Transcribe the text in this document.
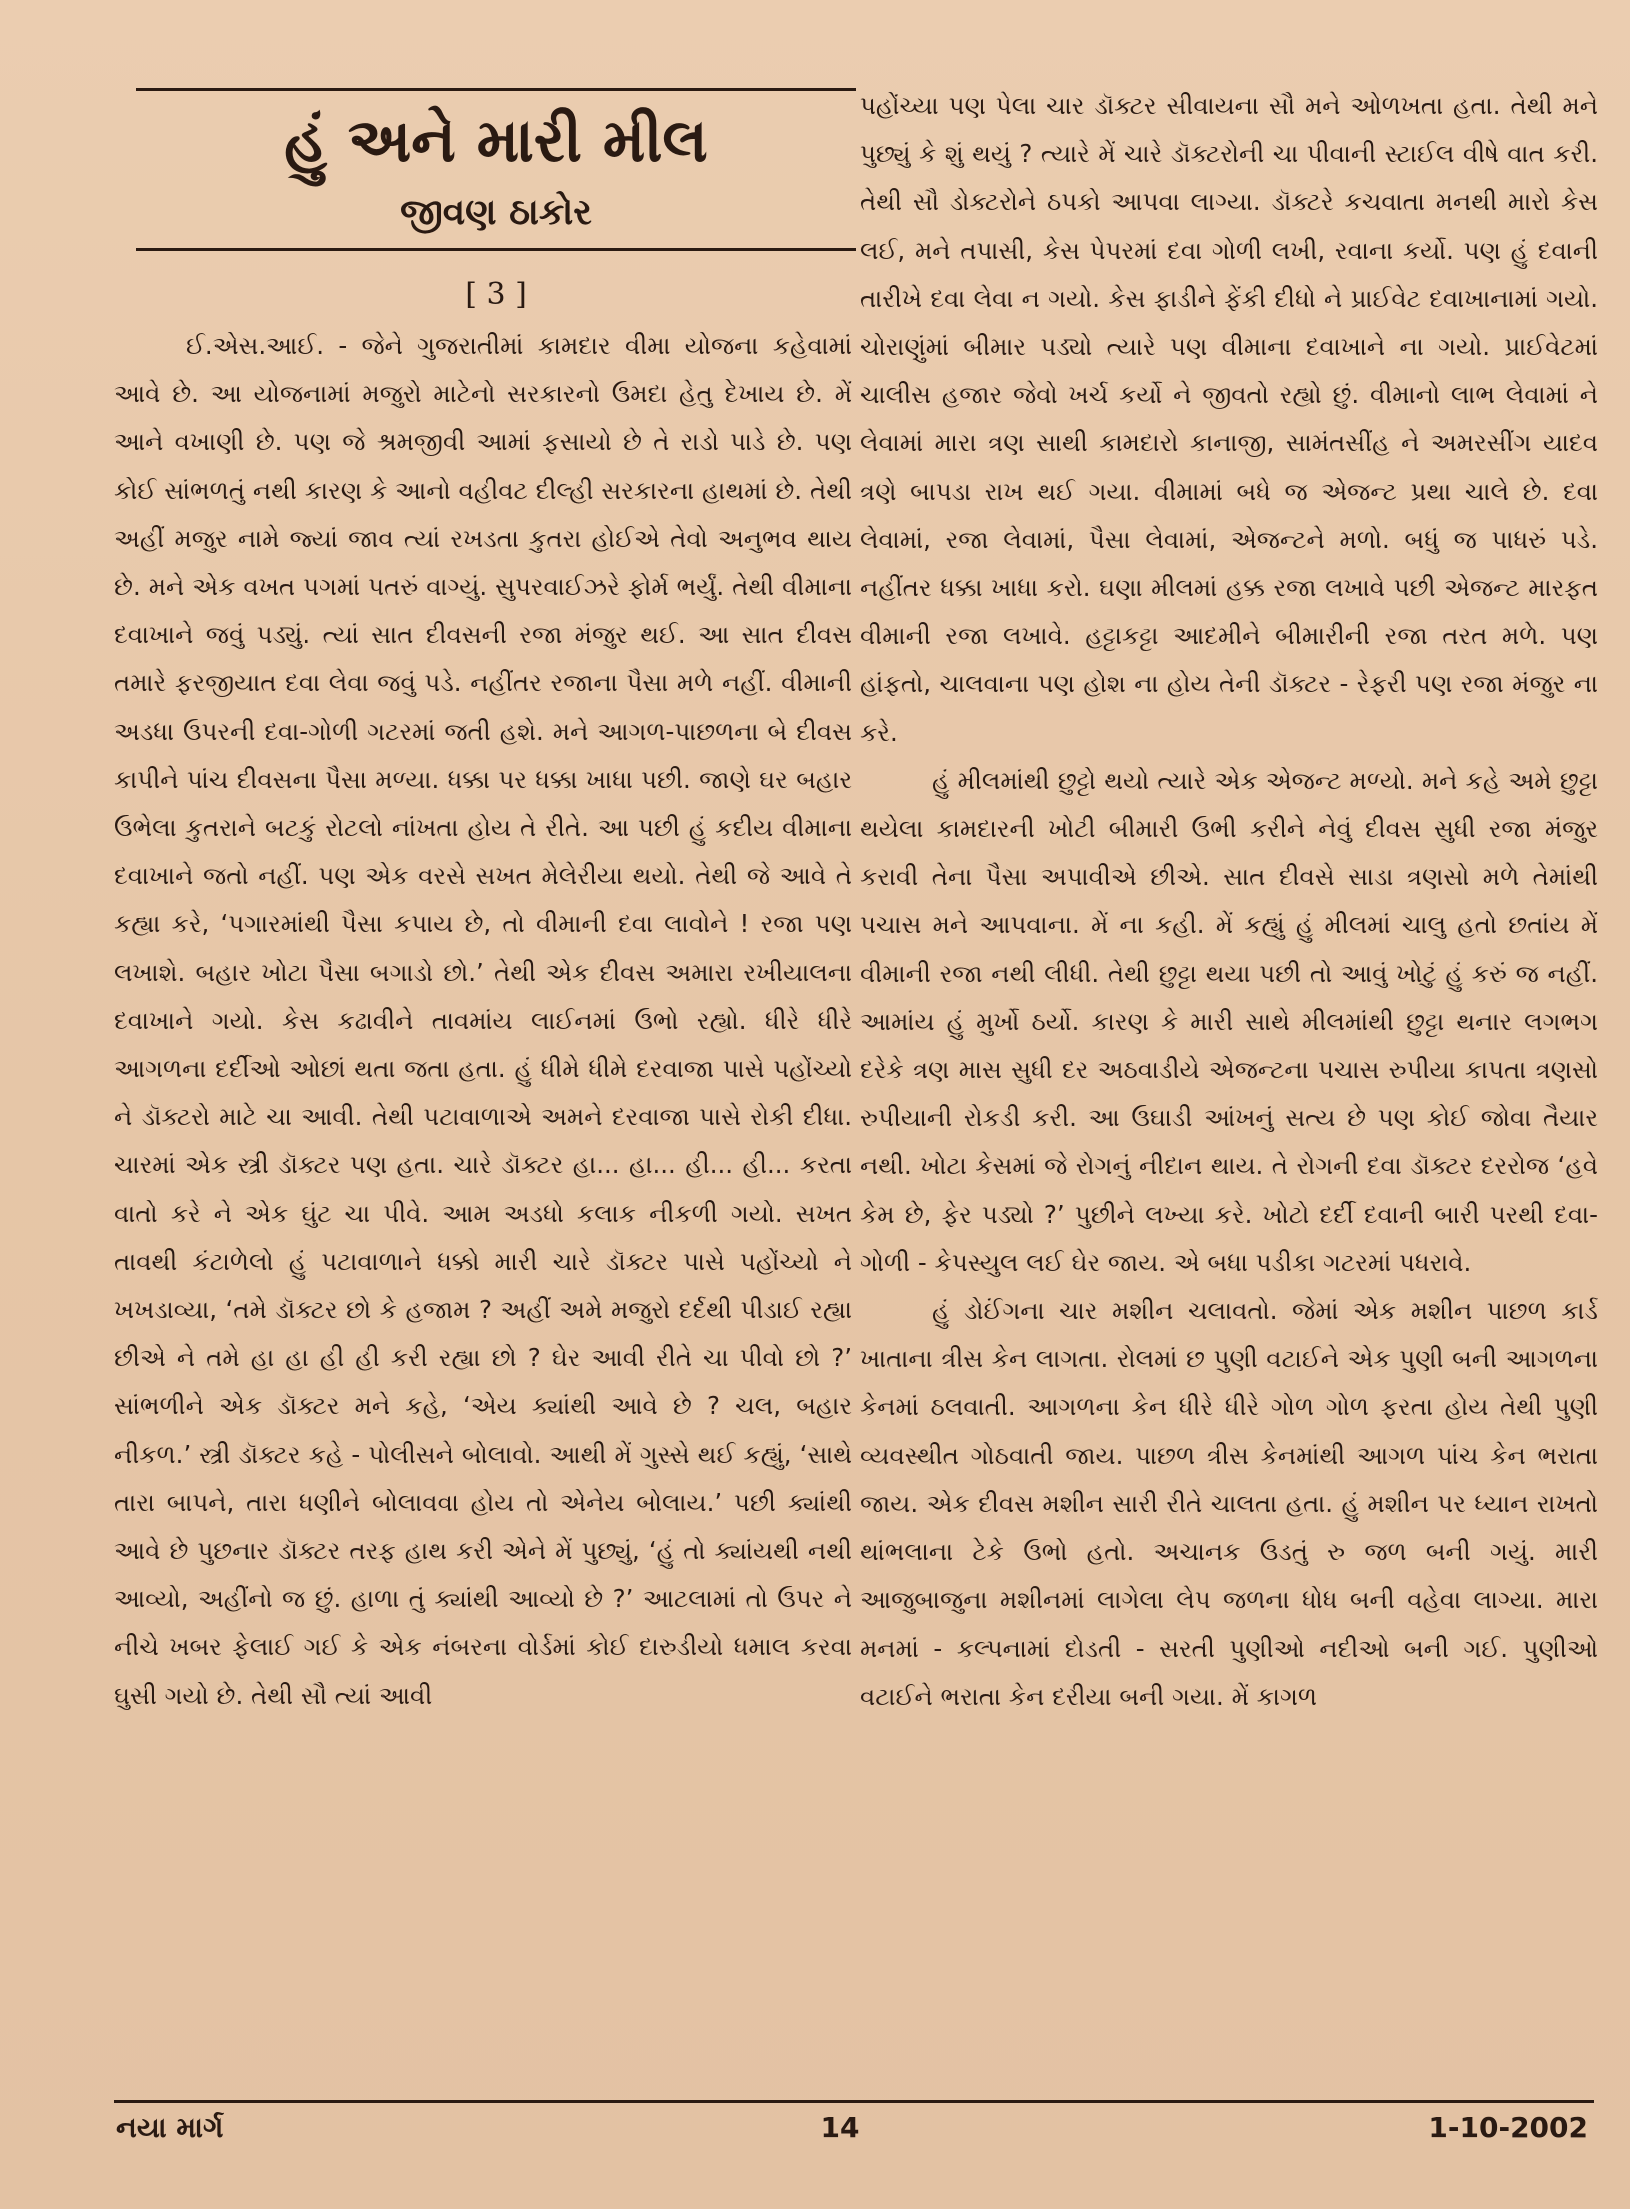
હું અને મારી મીલ
જીવણ ઠાકોર
[ 3 ]

ઈ.એસ.આઈ. - જેને ગુજરાતીમાં કામદાર વીમા યોજના કહેવામાં આવે છે. આ યોજનામાં મજુરો માટેનો સરકારનો ઉમદા હેતુ દેખાય છે. મેં આને વખાણી છે. પણ જે શ્રમજીવી આમાં ફસાયો છે તે રાડો પાડે છે. પણ કોઈ સાંભળતું નથી કારણ કે આનો વહીવટ દીલ્હી સરકારના હાથમાં છે. તેથી અહીં મજુર નામે જ્યાં જાવ ત્યાં રખડતા કુતરા હોઈએ તેવો અનુભવ થાય છે. મને એક વખત પગમાં પતરું વાગ્યું. સુપરવાઈઝરે ફોર્મ ભર્યું. તેથી વીમાના દવાખાને જવું પડ્યું. ત્યાં સાત દીવસની રજા મંજુર થઈ. આ સાત દીવસ તમારે ફરજીયાત દવા લેવા જવું પડે. નહીંતર રજાના પૈસા મળે નહીં. વીમાની અડધા ઉપરની દવા-ગોળી ગટરમાં જતી હશે. મને આગળ-પાછળના બે દીવસ કાપીને પાંચ દીવસના પૈસા મળ્યા. ધક્કા પર ધક્કા ખાધા પછી. જાણે ઘર બહાર ઉભેલા કુતરાને બટકું રોટલો નાંખતા હોય તે રીતે. આ પછી હું કદીય વીમાના દવાખાને જતો નહીં. પણ એક વરસે સખત મેલેરીયા થયો. તેથી જે આવે તે કહ્યા કરે, ‘પગારમાંથી પૈસા કપાય છે, તો વીમાની દવા લાવોને ! રજા પણ લખાશે. બહાર ખોટા પૈસા બગાડો છો.’ તેથી એક દીવસ અમારા રખીયાલના દવાખાને ગયો. કેસ કઢાવીને તાવમાંય લાઈનમાં ઉભો રહ્યો. ધીરે ધીરે આગળના દર્દીઓ ઓછાં થતા જતા હતા. હું ધીમે ધીમે દરવાજા પાસે પહોંચ્યો ને ડૉક્ટરો માટે ચા આવી. તેથી પટાવાળાએ અમને દરવાજા પાસે રોકી દીધા. ચારમાં એક સ્ત્રી ડૉક્ટર પણ હતા. ચારે ડૉક્ટર હા... હા... હી... હી... કરતા વાતો કરે ને એક ઘુંટ ચા પીવે. આમ અડધો કલાક નીકળી ગયો. સખત તાવથી કંટાળેલો હું પટાવાળાને ધક્કો મારી ચારે ડૉક્ટર પાસે પહોંચ્યો ને ખખડાવ્યા, ‘તમે ડૉક્ટર છો કે હજામ ? અહીં અમે મજુરો દર્દથી પીડાઈ રહ્યા છીએ ને તમે હા હા હી હી કરી રહ્યા છો ? ઘેર આવી રીતે ચા પીવો છો ?’ સાંભળીને એક ડૉક્ટર મને કહે, ‘એય ક્યાંથી આવે છે ? ચલ, બહાર નીકળ.’ સ્ત્રી ડૉક્ટર કહે - પોલીસને બોલાવો. આથી મેં ગુસ્સે થઈ કહ્યું, ‘સાથે તારા બાપને, તારા ધણીને બોલાવવા હોય તો એનેય બોલાય.’ પછી ક્યાંથી આવે છે પુછનાર ડૉક્ટર તરફ હાથ કરી એને મેં પુછ્યું, ‘હું તો ક્યાંયથી નથી આવ્યો, અહીંનો જ છું. હાળા તું ક્યાંથી આવ્યો છે ?’ આટલામાં તો ઉપર ને નીચે ખબર ફેલાઈ ગઈ કે એક નંબરના વોર્ડમાં કોઈ દારુડીયો ધમાલ કરવા ઘુસી ગયો છે. તેથી સૌ ત્યાં આવી

પહોંચ્યા પણ પેલા ચાર ડૉક્ટર સીવાયના સૌ મને ઓળખતા હતા. તેથી મને પુછ્યું કે શું થયું ? ત્યારે મેં ચારે ડૉક્ટરોની ચા પીવાની સ્ટાઈલ વીષે વાત કરી. તેથી સૌ ડોક્ટરોને ઠપકો આપવા લાગ્યા. ડૉક્ટરે કચવાતા મનથી મારો કેસ લઈ, મને તપાસી, કેસ પેપરમાં દવા ગોળી લખી, રવાના કર્યો. પણ હું દવાની તારીખે દવા લેવા ન ગયો. કેસ ફાડીને ફેંકી દીધો ને પ્રાઈવેટ દવાખાનામાં ગયો. ચોરાણુંમાં બીમાર પડ્યો ત્યારે પણ વીમાના દવાખાને ના ગયો. પ્રાઈવેટમાં ચાલીસ હજાર જેવો ખર્ચ કર્યો ને જીવતો રહ્યો છું. વીમાનો લાભ લેવામાં ને લેવામાં મારા ત્રણ સાથી કામદારો કાનાજી, સામંતસીંહ ને અમરસીંગ યાદવ ત્રણે બાપડા રાખ થઈ ગયા. વીમામાં બધે જ એજન્ટ પ્રથા ચાલે છે. દવા લેવામાં, રજા લેવામાં, પૈસા લેવામાં, એજન્ટને મળો. બધું જ પાધરું પડે. નહીંતર ધક્કા ખાધા કરો. ઘણા મીલમાં હક્ક રજા લખાવે પછી એજન્ટ મારફત વીમાની રજા લખાવે. હટ્ટાકટ્ટા આદમીને બીમારીની રજા તરત મળે. પણ હાંફતો, ચાલવાના પણ હોશ ના હોય તેની ડૉક્ટર - રેફરી પણ રજા મંજુર ના કરે.

હું મીલમાંથી છુટ્ટો થયો ત્યારે એક એજન્ટ મળ્યો. મને કહે અમે છુટ્ટા થયેલા કામદારની ખોટી બીમારી ઉભી કરીને નેવું દીવસ સુધી રજા મંજુર કરાવી તેના પૈસા અપાવીએ છીએ. સાત દીવસે સાડા ત્રણસો મળે તેમાંથી પચાસ મને આપવાના. મેં ના કહી. મેં કહ્યું હું મીલમાં ચાલુ હતો છતાંય મેં વીમાની રજા નથી લીધી. તેથી છુટ્ટા થયા પછી તો આવું ખોટું હું કરું જ નહીં. આમાંય હું મુર્ખો ઠર્યો. કારણ કે મારી સાથે મીલમાંથી છુટ્ટા થનાર લગભગ દરેકે ત્રણ માસ સુધી દર અઠવાડીયે એજન્ટના પચાસ રુપીયા કાપતા ત્રણસો રુપીયાની રોકડી કરી. આ ઉઘાડી આંખનું સત્ય છે પણ કોઈ જોવા તૈયાર નથી. ખોટા કેસમાં જે રોગનું નીદાન થાય. તે રોગની દવા ડૉક્ટર દરરોજ ‘હવે કેમ છે, ફેર પડ્યો ?’ પુછીને લખ્યા કરે. ખોટો દર્દી દવાની બારી પરથી દવા-ગોળી - કેપસ્યુલ લઈ ઘેર જાય. એ બધા પડીકા ગટરમાં પધરાવે.

હું ડોઈંગના ચાર મશીન ચલાવતો. જેમાં એક મશીન પાછળ કાર્ડ ખાતાના ત્રીસ કેન લાગતા. રોલમાં છ પુણી વટાઈને એક પુણી બની આગળના કેનમાં ઠલવાતી. આગળના કેન ધીરે ધીરે ગોળ ગોળ ફરતા હોય તેથી પુણી વ્યવસ્થીત ગોઠવાતી જાય. પાછળ ત્રીસ કેનમાંથી આગળ પાંચ કેન ભરાતા જાય. એક દીવસ મશીન સારી રીતે ચાલતા હતા. હું મશીન પર ધ્યાન રાખતો થાંભલાના ટેકે ઉભો હતો. અચાનક ઉડતું રુ જળ બની ગયું. મારી આજુબાજુના મશીનમાં લાગેલા લેપ જળના ધોધ બની વહેવા લાગ્યા. મારા મનમાં - કલ્પનામાં દોડતી - સરતી પુણીઓ નદીઓ બની ગઈ. પુણીઓ વટાઈને ભરાતા કેન દરીયા બની ગયા. મેં કાગળ

નયા માર્ગ	14	1-10-2002
